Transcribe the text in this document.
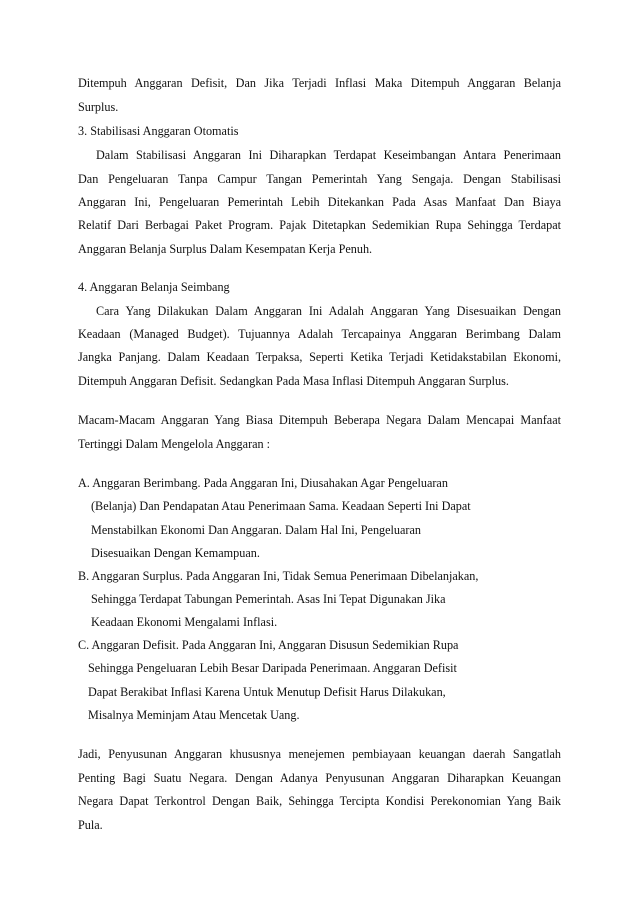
Ditempuh Anggaran Defisit, Dan Jika Terjadi Inflasi Maka Ditempuh Anggaran Belanja
Surplus.
3. Stabilisasi Anggaran Otomatis
Dalam Stabilisasi Anggaran Ini Diharapkan Terdapat Keseimbangan Antara Penerimaan
Dan Pengeluaran Tanpa Campur Tangan Pemerintah Yang Sengaja. Dengan Stabilisasi
Anggaran Ini, Pengeluaran Pemerintah Lebih Ditekankan Pada Asas Manfaat Dan Biaya
Relatif Dari Berbagai Paket Program. Pajak Ditetapkan Sedemikian Rupa Sehingga Terdapat
Anggaran Belanja Surplus Dalam Kesempatan Kerja Penuh.
4. Anggaran Belanja Seimbang
Cara Yang Dilakukan Dalam Anggaran Ini Adalah Anggaran Yang Disesuaikan Dengan
Keadaan (Managed Budget). Tujuannya Adalah Tercapainya Anggaran Berimbang Dalam
Jangka Panjang. Dalam Keadaan Terpaksa, Seperti Ketika Terjadi Ketidakstabilan Ekonomi,
Ditempuh Anggaran Defisit. Sedangkan Pada Masa Inflasi Ditempuh Anggaran Surplus.
Macam-Macam Anggaran Yang Biasa Ditempuh Beberapa Negara Dalam Mencapai Manfaat
Tertinggi Dalam Mengelola Anggaran :
A. Anggaran Berimbang. Pada Anggaran Ini, Diusahakan Agar Pengeluaran
(Belanja) Dan Pendapatan Atau Penerimaan Sama. Keadaan Seperti Ini Dapat
Menstabilkan Ekonomi Dan Anggaran. Dalam Hal Ini, Pengeluaran
Disesuaikan Dengan Kemampuan.
B. Anggaran Surplus. Pada Anggaran Ini, Tidak Semua Penerimaan Dibelanjakan,
Sehingga Terdapat Tabungan Pemerintah. Asas Ini Tepat Digunakan Jika
Keadaan Ekonomi Mengalami Inflasi.
C. Anggaran Defisit. Pada Anggaran Ini, Anggaran Disusun Sedemikian Rupa
Sehingga Pengeluaran Lebih Besar Daripada Penerimaan. Anggaran Defisit
Dapat Berakibat Inflasi Karena Untuk Menutup Defisit Harus Dilakukan,
Misalnya Meminjam Atau Mencetak Uang.
Jadi, Penyusunan Anggaran khususnya menejemen pembiayaan keuangan daerah Sangatlah
Penting Bagi Suatu Negara. Dengan Adanya Penyusunan Anggaran Diharapkan Keuangan
Negara Dapat Terkontrol Dengan Baik, Sehingga Tercipta Kondisi Perekonomian Yang Baik
Pula.
